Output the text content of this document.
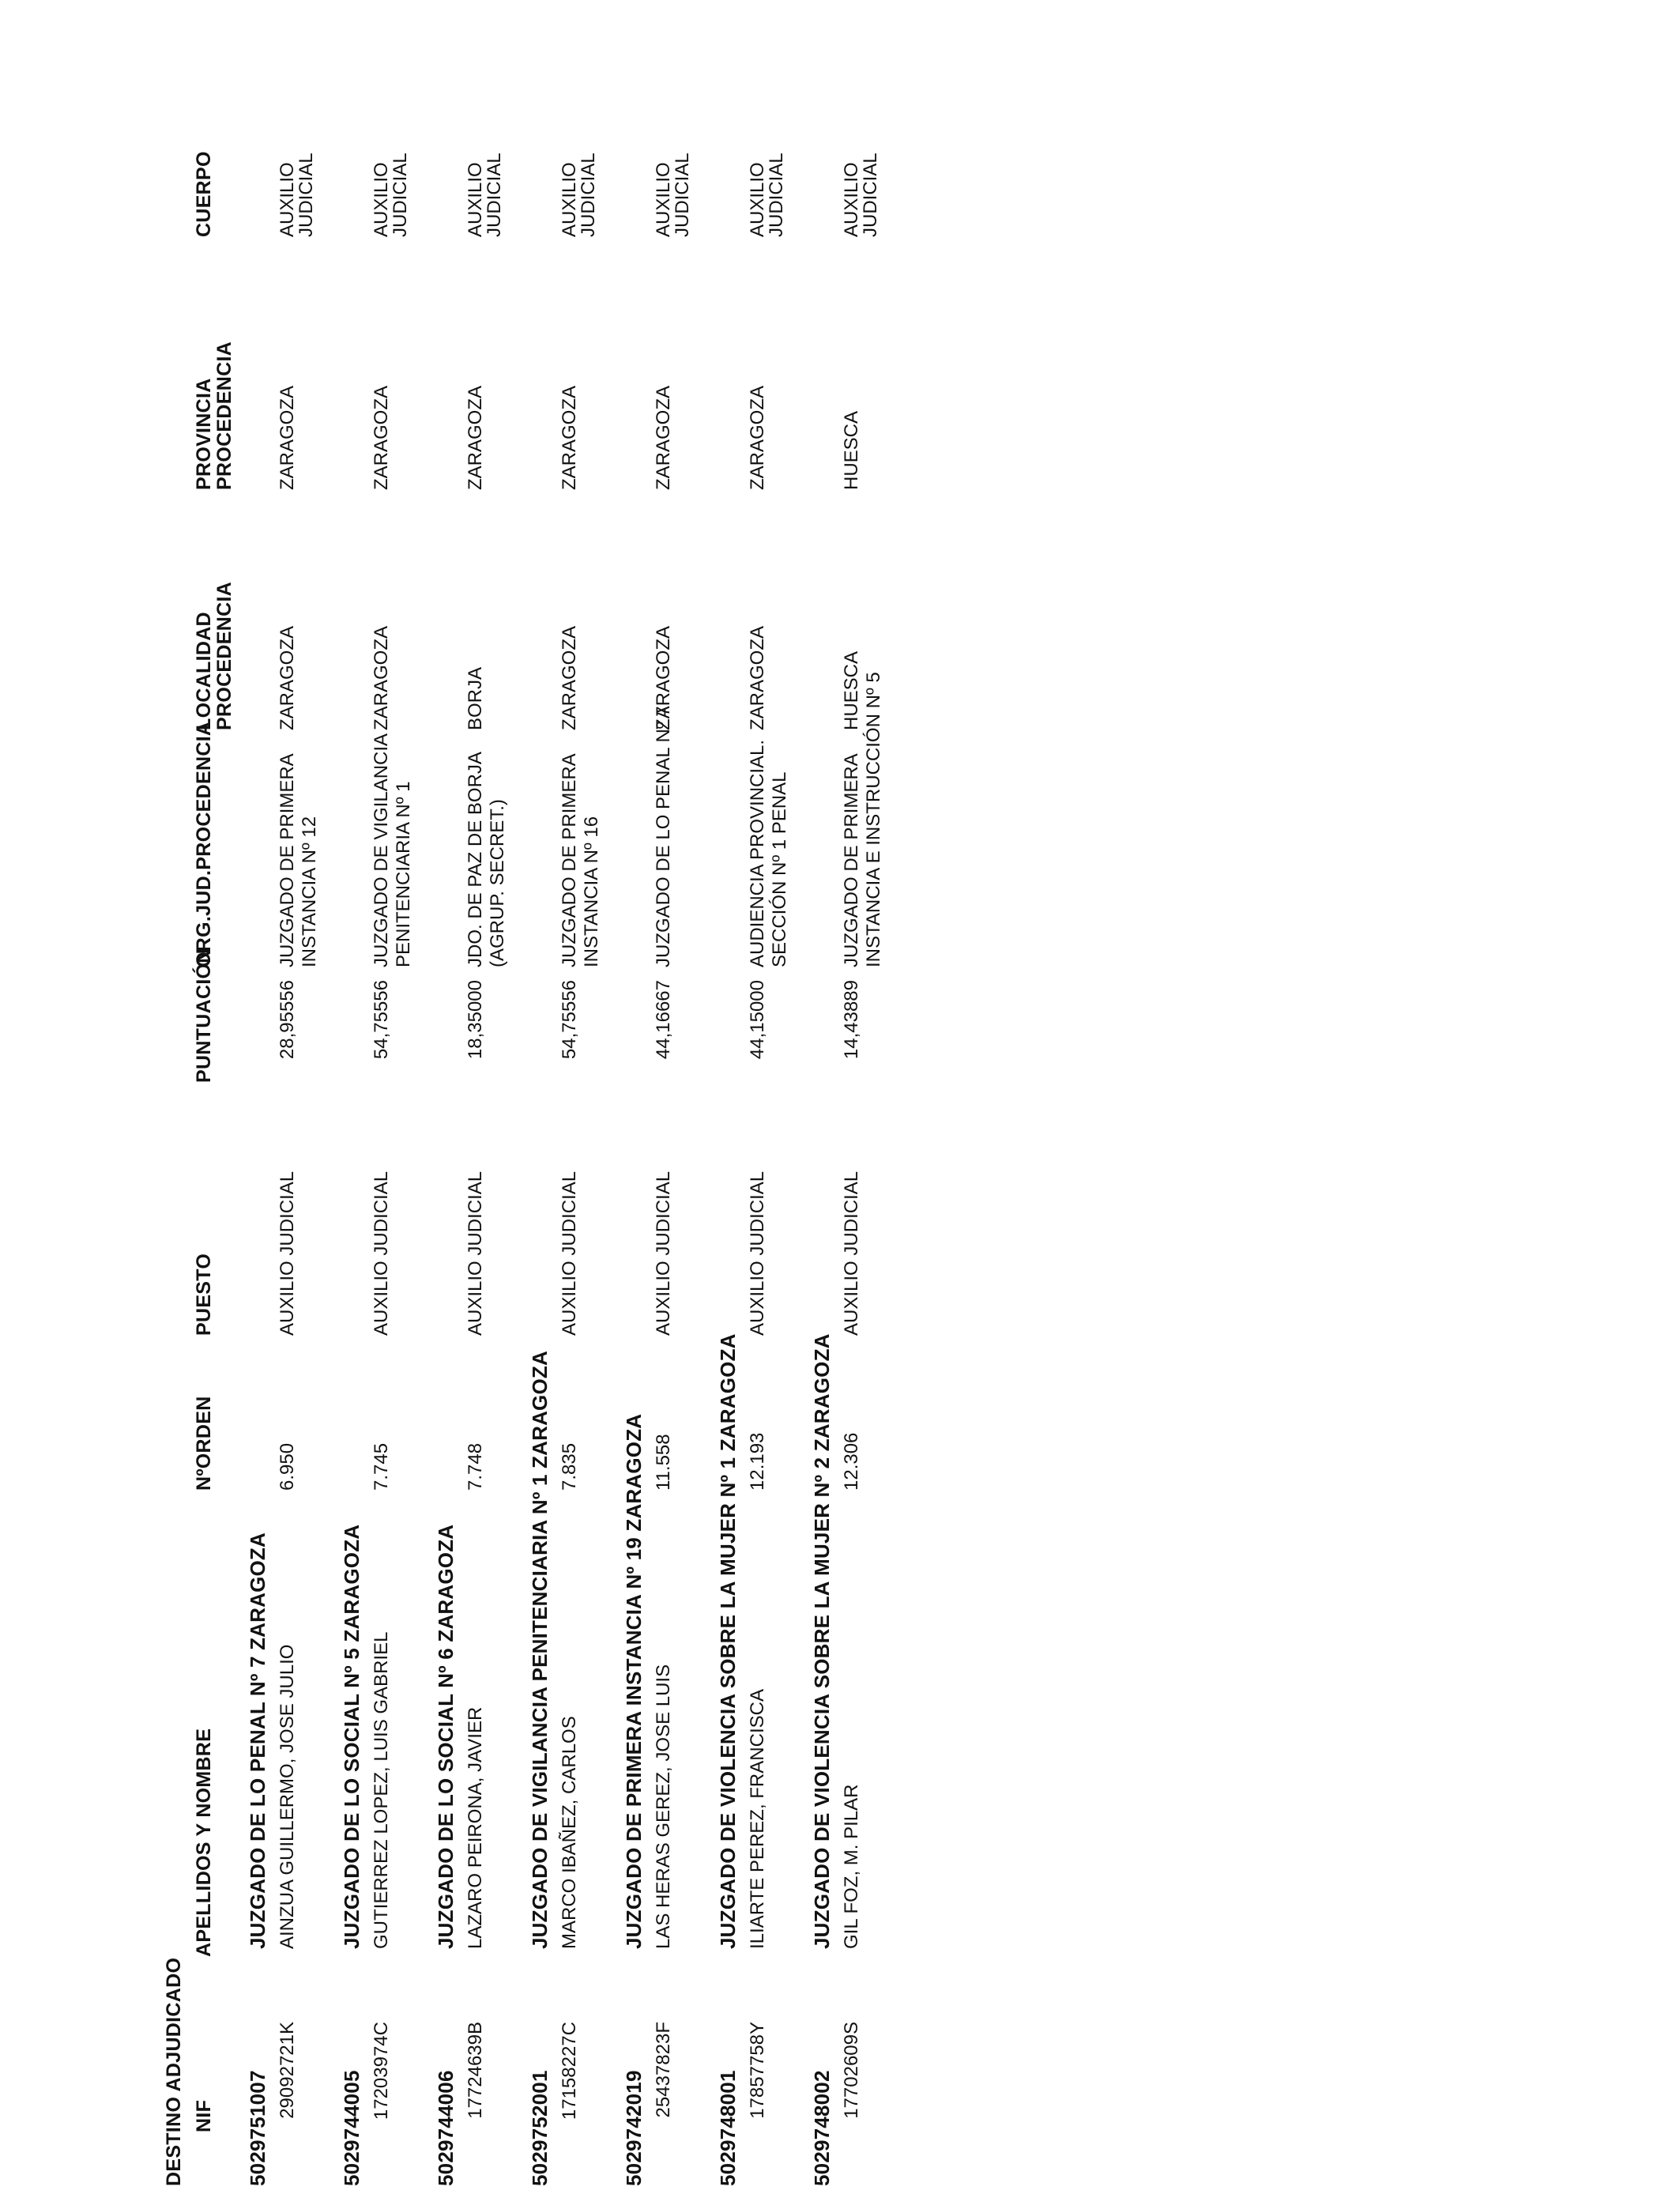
DESTINO ADJUDICADO NIF
APELLIDOS Y NOMBRE
NºORDEN
PUESTO
PUNTUACIÓN
ORG.JUD.PROCEDENCIA
LOCALIDAD
PROCEDENCIA
PROVINCIA
PROCEDENCIA
CUERPO
5029751007
JUZGADO DE LO PENAL Nº 7 ZARAGOZA
29092721K
AINZUA GUILLERMO, JOSE JULIO
6.950
AUXILIO JUDICIAL
28,95556
JUZGADO DE PRIMERA INSTANCIA Nº 12
ZARAGOZA
ZARAGOZA
AUXILIO
JUDICIAL
5029744005
JUZGADO DE LO SOCIAL Nº 5 ZARAGOZA
17203974C
GUTIERREZ LOPEZ, LUIS GABRIEL
7.745
AUXILIO JUDICIAL
54,75556
JUZGADO DE VIGILANCIA PENITENCIARIA Nº 1
ZARAGOZA
ZARAGOZA
AUXILIO
JUDICIAL
5029744006
JUZGADO DE LO SOCIAL Nº 6 ZARAGOZA
17724639B
LAZARO PEIRONA, JAVIER
7.748
AUXILIO JUDICIAL
18,35000
JDO. DE PAZ DE BORJA (AGRUP. SECRET.)
BORJA
ZARAGOZA
AUXILIO
JUDICIAL
5029752001
JUZGADO DE VIGILANCIA PENITENCIARIA Nº 1 ZARAGOZA
17158227C
MARCO IBAÑEZ, CARLOS
7.835
AUXILIO JUDICIAL
54,75556
JUZGADO DE PRIMERA INSTANCIA Nº 16
ZARAGOZA
ZARAGOZA
AUXILIO
JUDICIAL
5029742019
JUZGADO DE PRIMERA INSTANCIA Nº 19 ZARAGOZA
25437823F
LAS HERAS GEREZ, JOSE LUIS
11.558
AUXILIO JUDICIAL
44,16667
JUZGADO DE LO PENAL Nº 7
ZARAGOZA
ZARAGOZA
AUXILIO
JUDICIAL
5029748001
JUZGADO DE VIOLENCIA SOBRE LA MUJER Nº 1 ZARAGOZA
17857758Y
ILIARTE PEREZ, FRANCISCA
12.193
AUXILIO JUDICIAL
44,15000
AUDIENCIA PROVINCIAL. SECCIÓN Nº 1 PENAL
ZARAGOZA
ZARAGOZA
AUXILIO
JUDICIAL
5029748002
JUZGADO DE VIOLENCIA SOBRE LA MUJER Nº 2 ZARAGOZA
17702609S
GIL FOZ, M. PILAR
12.306
AUXILIO JUDICIAL
14,43889
JUZGADO DE PRIMERA INSTANCIA E INSTRUCCIÓN Nº 5
HUESCA
HUESCA
AUXILIO
JUDICIAL
